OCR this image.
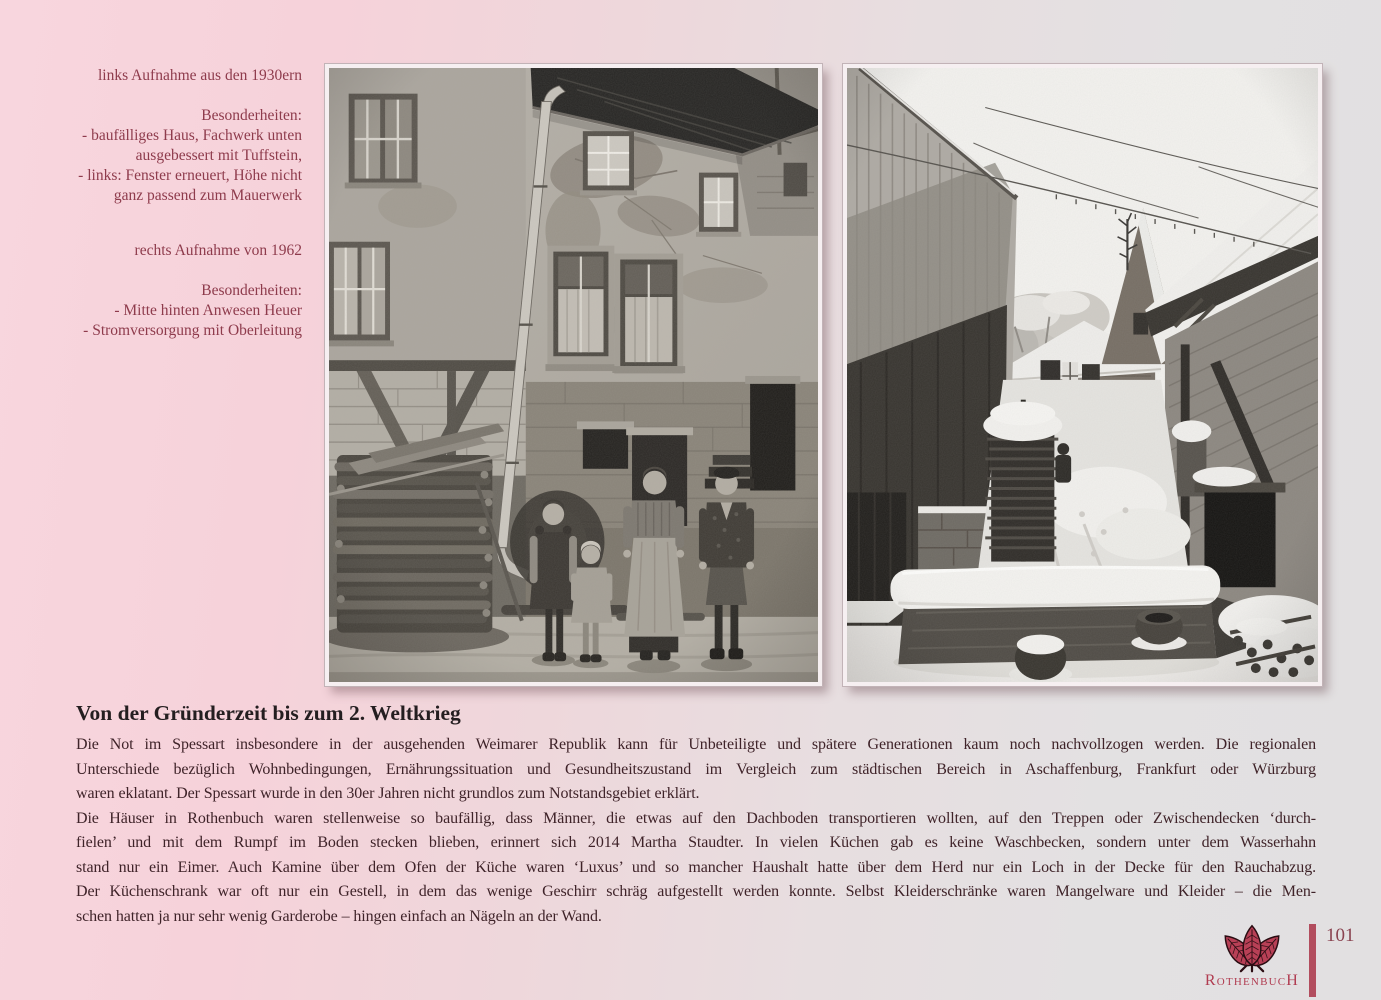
links Aufnahme aus den 1930ern
Besonderheiten:
- baufälliges Haus, Fachwerk unten
ausgebessert mit Tuffstein,
- links: Fenster erneuert, Höhe nicht
ganz passend zum Mauerwerk
rechts Aufnahme von 1962
Besonderheiten:
- Mitte hinten Anwesen Heuer
- Stromversorgung mit Oberleitung
Von der Gründerzeit bis zum 2. Weltkrieg
Die Not im Spessart insbesondere in der ausgehenden Weimarer Republik kann für Unbeteiligte und spätere Generationen kaum noch nachvollzogen werden. Die regionalen
Unterschiede bezüglich Wohnbedingungen, Ernährungssituation und Gesundheitszustand im Vergleich zum städtischen Bereich in Aschaffenburg, Frankfurt oder Würzburg
waren eklatant. Der Spessart wurde in den 30er Jahren nicht grundlos zum Notstandsgebiet erklärt.
Die Häuser in Rothenbuch waren stellenweise so baufällig, dass Männer, die etwas auf den Dachboden transportieren wollten, auf den Treppen oder Zwischendecken ‘durch-
fielen’ und mit dem Rumpf im Boden stecken blieben, erinnert sich 2014 Martha Staudter. In vielen Küchen gab es keine Waschbecken, sondern unter dem Wasserhahn
stand nur ein Eimer. Auch Kamine über dem Ofen der Küche waren ‘Luxus’ und so mancher Haushalt hatte über dem Herd nur ein Loch in der Decke für den Rauchabzug.
Der Küchenschrank war oft nur ein Gestell, in dem das wenige Geschirr schräg aufgestellt werden konnte. Selbst Kleiderschränke waren Mangelware und Kleider – die Men-
schen hatten ja nur sehr wenig Garderobe – hingen einfach an Nägeln an der Wand.
RothenbucH
101
